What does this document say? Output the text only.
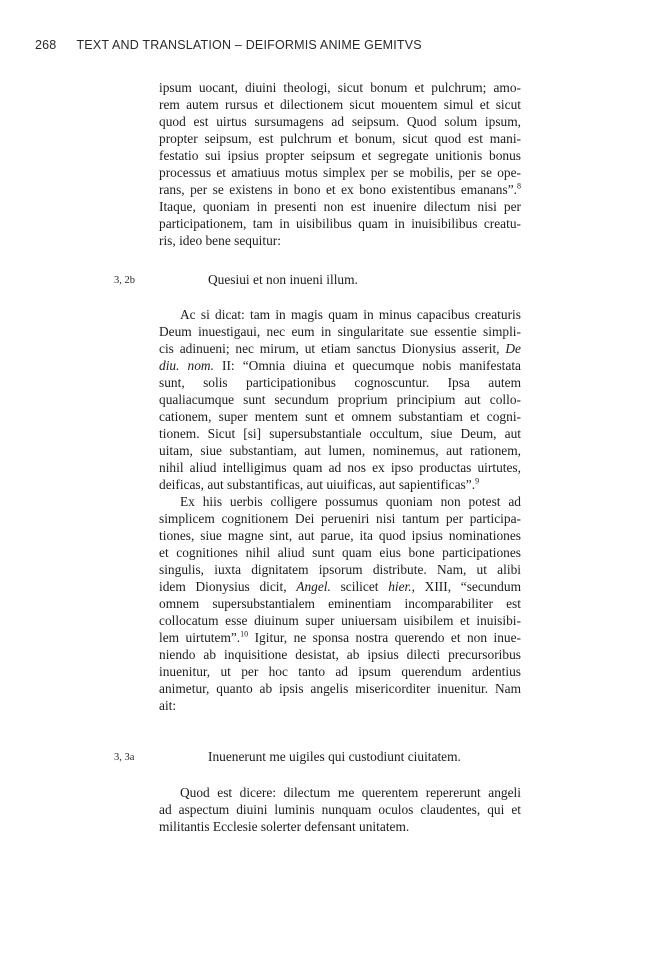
268 TEXT AND TRANSLATION – DEIFORMIS ANIME GEMITVS
ipsum uocant, diuini theologi, sicut bonum et pulchrum; amo-
rem autem rursus et dilectionem sicut mouentem simul et sicut
quod est uirtus sursumagens ad seipsum. Quod solum ipsum,
propter seipsum, est pulchrum et bonum, sicut quod est mani-
festatio sui ipsius propter seipsum et segregate unitionis bonus
processus et amatiuus motus simplex per se mobilis, per se ope-
rans, per se existens in bono et ex bono existentibus emanans”.$^8$
Itaque, quoniam in presenti non est inuenire dilectum nisi per
participationem, tam in uisibilibus quam in inuisibilibus creatu-
ris, ideo bene sequitur:
3, 2b	Quesiui et non inueni illum.
Ac si dicat: tam in magis quam in minus capacibus creaturis
Deum inuestigaui, nec eum in singularitate sue essentie simpli-
cis adinueni; nec mirum, ut etiam sanctus Dionysius asserit, De
diu. nom. II: “Omnia diuina et quecumque nobis manifestata
sunt, solis participationibus cognoscuntur. Ipsa autem
qualiacumque sunt secundum proprium principium aut collo-
cationem, super mentem sunt et omnem substantiam et cogni-
tionem. Sicut [si] supersubstantiale occultum, siue Deum, aut
uitam, siue substantiam, aut lumen, nominemus, aut rationem,
nihil aliud intelligimus quam ad nos ex ipso productas uirtutes,
deificas, aut substantificas, aut uiuificas, aut sapientificas”.$^9$
Ex hiis uerbis colligere possumus quoniam non potest ad
simplicem cognitionem Dei perueniri nisi tantum per participa-
tiones, siue magne sint, aut parue, ita quod ipsius nominationes
et cognitiones nihil aliud sunt quam eius bone participationes
singulis, iuxta dignitatem ipsorum distribute. Nam, ut alibi
idem Dionysius dicit, Angel. scilicet hier., XIII, “secundum
omnem supersubstantialem eminentiam incomparabiliter est
collocatum esse diuinum super uniuersam uisibilem et inuisibi-
lem uirtutem”.$^{10}$ Igitur, ne sponsa nostra querendo et non inue-
niendo ab inquisitione desistat, ab ipsius dilecti precursoribus
inuenitur, ut per hoc tanto ad ipsum querendum ardentius
animetur, quanto ab ipsis angelis misericorditer inuenitur. Nam
ait:
3, 3a	Inuenerunt me uigiles qui custodiunt ciuitatem.
Quod est dicere: dilectum me querentem repererunt angeli
ad aspectum diuini luminis nunquam oculos claudentes, qui et
militantis Ecclesie solerter defensant unitatem.
